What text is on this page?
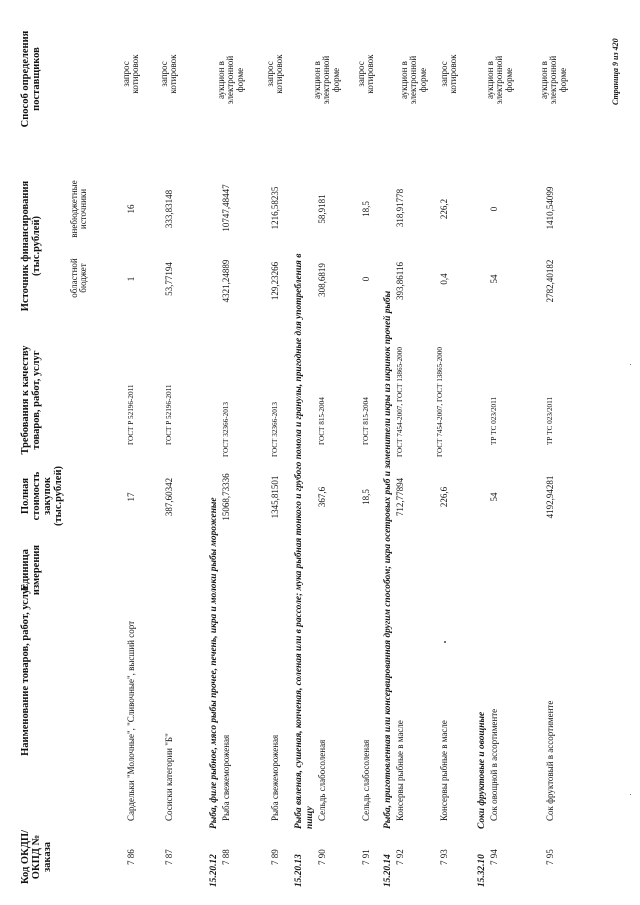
Код ОКДП/ ОКПД № заказа
Наименование товаров, работ, услуг
Единица измерения
Полная стоимость закупок (тыс.рублей)
Требования к качеству товаров, работ, услуг
Источник финансирования (тыс.рублей)
областной бюджет
внебюджетные источники
Способ определения поставщиков
7 86
Сардельки "Молочные", "Сливочные", высший сорт
17
ГОСТ Р 52196-2011
1
16
запрос котировок
7 87
Сосиски категории "Б"
387,60342
ГОСТ Р 52196-2011
53,77194
333,83148
запрос котировок
15.20.12
Рыба, филе рыбное, мясо рыбы прочее, печень, икра и молоки рыбы мороженые
7 88
Рыба свежемороженая
15068,73336
ГОСТ 32366-2013
4321,24889
10747,48447
аукцион в электронной форме
7 89
Рыба свежемороженая
1345,81501
ГОСТ 32366-2013
129,23266
1216,58235
запрос котировок
15.20.13
Рыба вяленая, сушеная, копченая, соленая или в рассоле; мука рыбная тонкого и грубого помола и гранулы, пригодные для употребления в пищу
7 90
Сельдь слабосоленая
367,6
ГОСТ 815-2004
308,6819
58,9181
аукцион в электронной форме
7 91
Сельдь слабосоленая
18,5
ГОСТ 815-2004
0
18,5
запрос котировок
15.20.14
Рыба, приготовленная или консервированная другим способом; икра осетровых рыб и заменители икры из икринок прочей рыбы
7 92
Консервы рыбные в масле
712,77894
ГОСТ 7454-2007, ГОСТ 13865-2000
393,86116
318,91778
аукцион в электронной форме
7 93
Консервы рыбные в масле
226,6
ГОСТ 7454-2007, ГОСТ 13865-2000
0,4
226,2
запрос котировок
15.32.10
Соки фруктовые и овощные
7 94
Сок овощной в ассортименте
54
ТР ТС 023/2011
54
0
аукцион в электронной форме
7 95
Сок фруктовый в ассортименте
4192,94281
ТР ТС 023/2011
2782,40182
1410,54099
аукцион в электронной форме	Страница 9 из 420
